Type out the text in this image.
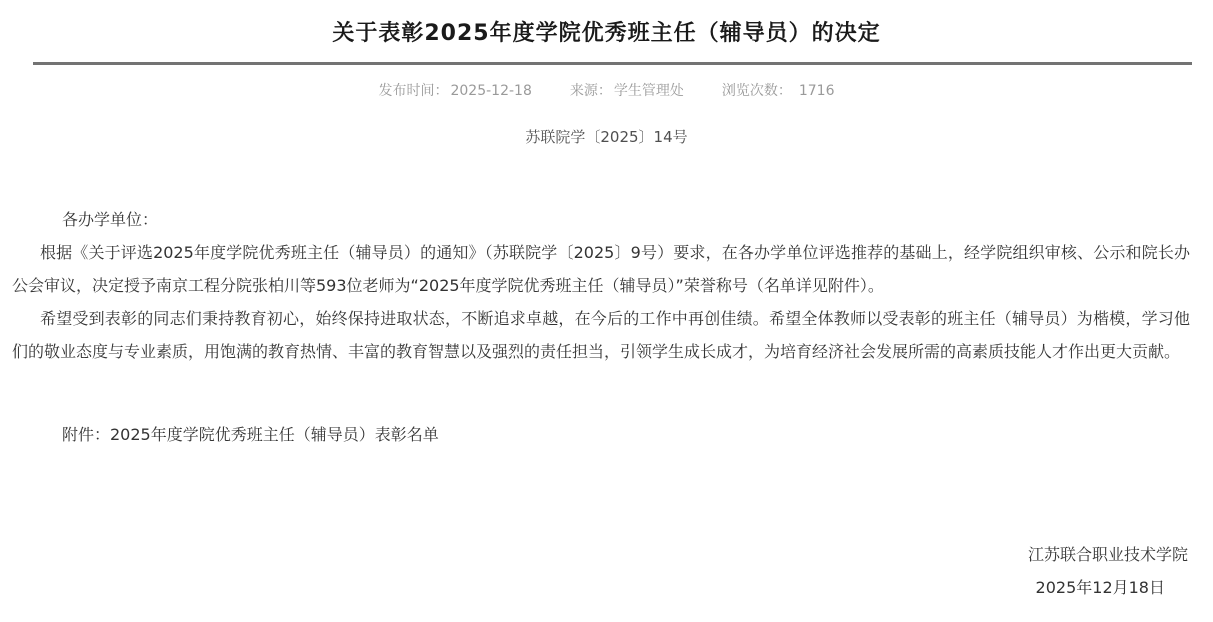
关于表彰2025年度学院优秀班主任（辅导员）的决定
发布时间： 2025-12-18	来源： 学生管理处	浏览次数： 1716
苏联院学〔2025〕14号

各办学单位：

根据《关于评选2025年度学院优秀班主任（辅导员）的通知》（苏联院学〔2025〕9号）要求，在各办学单位评选推荐的基础上，经学院组织审核、公示和院长办公会审议，决定授予南京工程分院张柏川等593位老师为“2025年度学院优秀班主任（辅导员）”荣誉称号（名单详见附件）。

希望受到表彰的同志们秉持教育初心，始终保持进取状态，不断追求卓越，在今后的工作中再创佳绩。希望全体教师以受表彰的班主任（辅导员）为楷模，学习他们的敬业态度与专业素质，用饱满的教育热情、丰富的教育智慧以及强烈的责任担当，引领学生成长成才，为培育经济社会发展所需的高素质技能人才作出更大贡献。

附件：2025年度学院优秀班主任（辅导员）表彰名单

江苏联合职业技术学院
2025年12月18日
